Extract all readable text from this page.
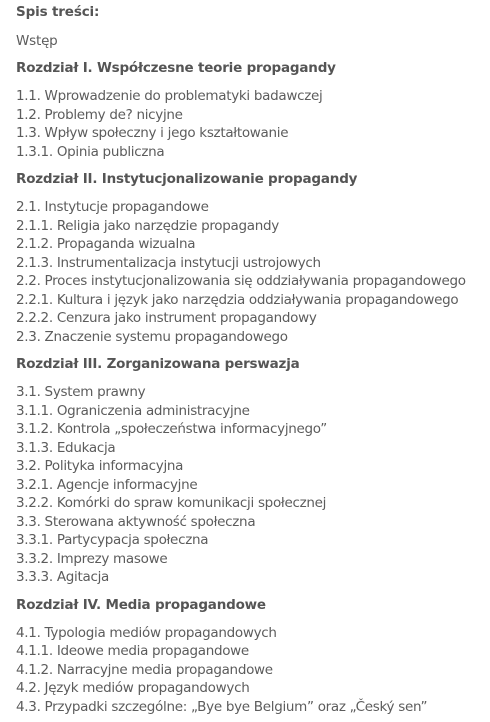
Spis treści:
Wstęp
Rozdział I. Współczesne teorie propagandy
1.1. Wprowadzenie do problematyki badawczej
1.2. Problemy de? nicyjne
1.3. Wpływ społeczny i jego kształtowanie
1.3.1. Opinia publiczna
Rozdział II. Instytucjonalizowanie propagandy
2.1. Instytucje propagandowe
2.1.1. Religia jako narzędzie propagandy
2.1.2. Propaganda wizualna
2.1.3. Instrumentalizacja instytucji ustrojowych
2.2. Proces instytucjonalizowania się oddziaływania propagandowego
2.2.1. Kultura i język jako narzędzia oddziaływania propagandowego
2.2.2. Cenzura jako instrument propagandowy
2.3. Znaczenie systemu propagandowego
Rozdział III. Zorganizowana perswazja
3.1. System prawny
3.1.1. Ograniczenia administracyjne
3.1.2. Kontrola „społeczeństwa informacyjnego”
3.1.3. Edukacja
3.2. Polityka informacyjna
3.2.1. Agencje informacyjne
3.2.2. Komórki do spraw komunikacji społecznej
3.3. Sterowana aktywność społeczna
3.3.1. Partycypacja społeczna
3.3.2. Imprezy masowe
3.3.3. Agitacja
Rozdział IV. Media propagandowe
4.1. Typologia mediów propagandowych
4.1.1. Ideowe media propagandowe
4.1.2. Narracyjne media propagandowe
4.2. Język mediów propagandowych
4.3. Przypadki szczególne: „Bye bye Belgium” oraz „Český sen”
